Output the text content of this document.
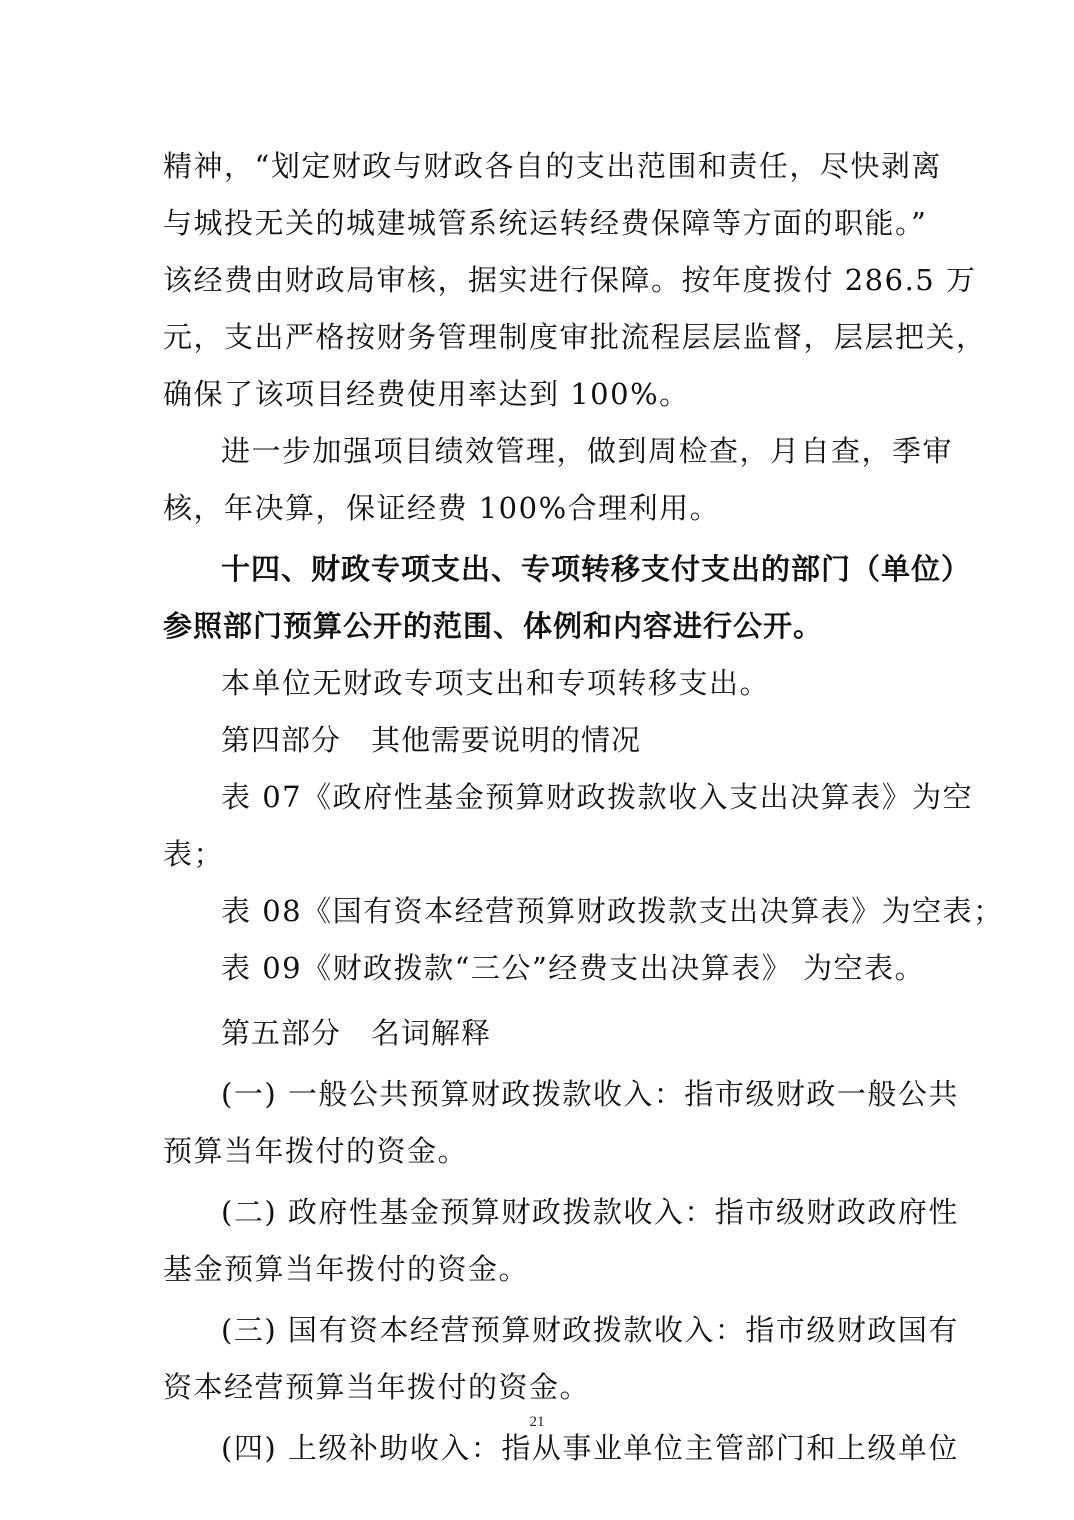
精神，“划定财政与财政各自的支出范围和责任，尽快剥离
与城投无关的城建城管系统运转经费保障等方面的职能。”
该经费由财政局审核，据实进行保障。按年度拨付 286.5 万
元，支出严格按财务管理制度审批流程层层监督，层层把关，
确保了该项目经费使用率达到 100%。
进一步加强项目绩效管理，做到周检查，月自查，季审
核，年决算，保证经费 100%合理利用。
十四、财政专项支出、专项转移支付支出的部门（单位）
参照部门预算公开的范围、体例和内容进行公开。
本单位无财政专项支出和专项转移支出。
第四部分　其他需要说明的情况
表 07《政府性基金预算财政拨款收入支出决算表》为空
表；
表 08《国有资本经营预算财政拨款支出决算表》为空表；
表 09《财政拨款“三公”经费支出决算表》 为空表。
第五部分　名词解释
(一) 一般公共预算财政拨款收入：指市级财政一般公共
预算当年拨付的资金。
(二) 政府性基金预算财政拨款收入：指市级财政政府性
基金预算当年拨付的资金。
(三) 国有资本经营预算财政拨款收入：指市级财政国有
资本经营预算当年拨付的资金。
(四) 上级补助收入：指从事业单位主管部门和上级单位
21
